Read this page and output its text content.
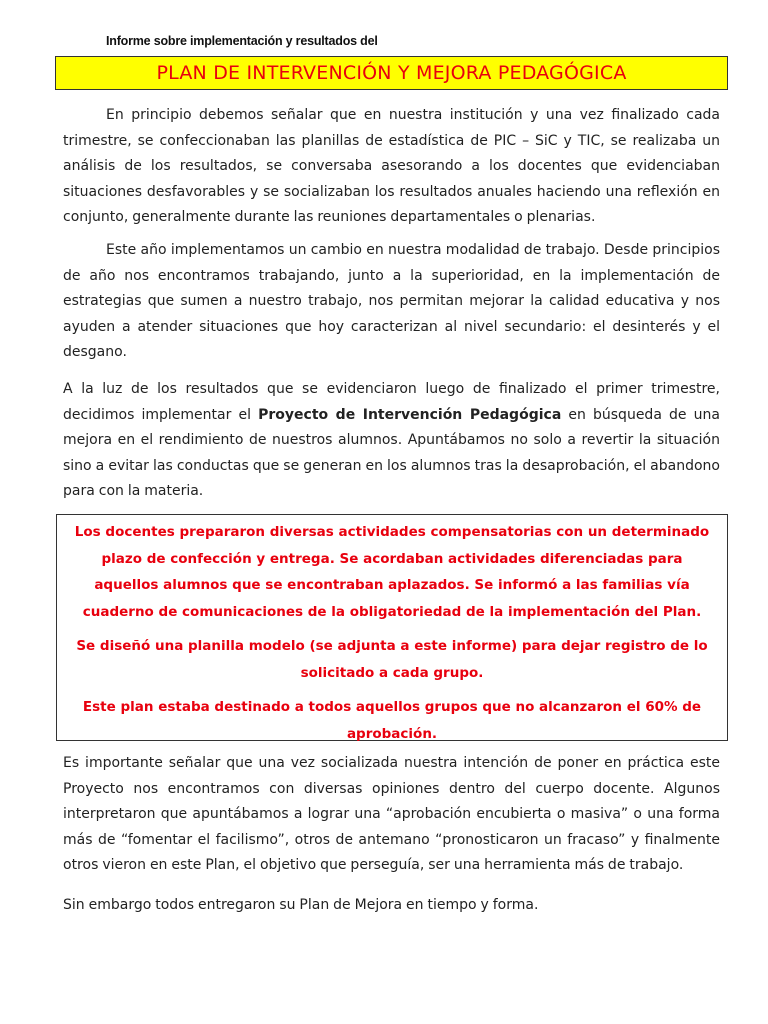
Informe sobre implementación y resultados del
PLAN DE INTERVENCIÓN Y MEJORA PEDAGÓGICA

En principio debemos señalar que en nuestra institución y una vez finalizado cada trimestre, se confeccionaban las planillas de estadística de PIC – SiC y TIC, se realizaba un análisis de los resultados, se conversaba asesorando a los docentes que evidenciaban situaciones desfavorables y se socializaban los resultados anuales haciendo una reflexión en conjunto, generalmente durante las reuniones departamentales o plenarias.

Este año implementamos un cambio en nuestra modalidad de trabajo. Desde principios de año nos encontramos trabajando, junto a la superioridad, en la implementación de estrategias que sumen a nuestro trabajo, nos permitan mejorar la calidad educativa y nos ayuden a atender situaciones que hoy caracterizan al nivel secundario: el desinterés y el desgano.

A la luz de los resultados que se evidenciaron luego de finalizado el primer trimestre, decidimos implementar el Proyecto de Intervención Pedagógica en búsqueda de una mejora en el rendimiento de nuestros alumnos. Apuntábamos no solo a revertir la situación sino a evitar las conductas que se generan en los alumnos tras la desaprobación, el abandono para con la materia.

Los docentes prepararon diversas actividades compensatorias con un determinado plazo de confección y entrega. Se acordaban actividades diferenciadas para aquellos alumnos que se encontraban aplazados. Se informó a las familias vía cuaderno de comunicaciones de la obligatoriedad de la implementación del Plan.

Se diseñó una planilla modelo (se adjunta a este informe) para dejar registro de lo solicitado a cada grupo.

Este plan estaba destinado a todos aquellos grupos que no alcanzaron el 60% de aprobación.

Es importante señalar que una vez socializada nuestra intención de poner en práctica este Proyecto nos encontramos con diversas opiniones dentro del cuerpo docente. Algunos interpretaron que apuntábamos a lograr una “aprobación encubierta o masiva” o una forma más de “fomentar el facilismo”, otros de antemano “pronosticaron un fracaso” y finalmente otros vieron en este Plan, el objetivo que perseguía, ser una herramienta más de trabajo.

Sin embargo todos entregaron su Plan de Mejora en tiempo y forma.
